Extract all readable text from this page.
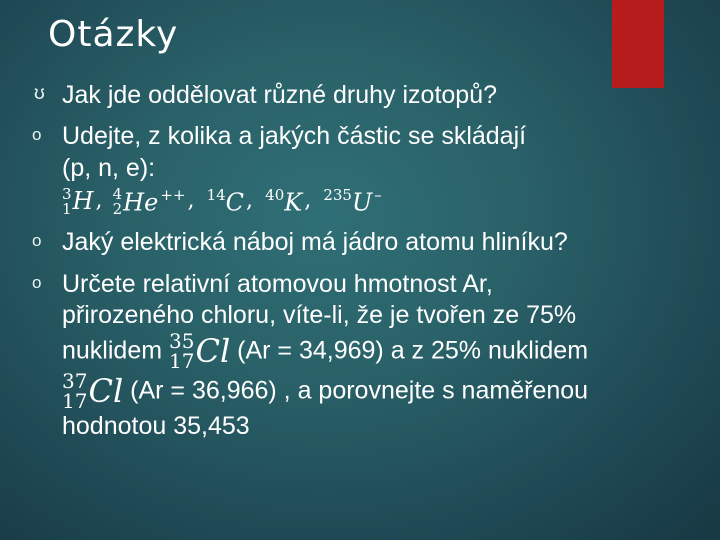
Otázky
ʊ Jak jde oddělovat různé druhy izotopů?
o Udejte, z kolika a jakých částic se skládají
(p, n, e):
3
1 H, 4
2 He ++, $^{14}$C, $^{40}$K, $^{235}$U –
o Jaký elektrická náboj má jádro atomu hliníku?
o Určete relativní atomovou hmotnost Ar,
přirozeného chloru, víte-li, že je tvořen ze 75%
nuklidem 35
17 Cl (Ar = 34,969) a z 25% nuklidem
37
17 Cl (Ar = 36,966) , a porovnejte s naměřenou
hodnotou 35,453
